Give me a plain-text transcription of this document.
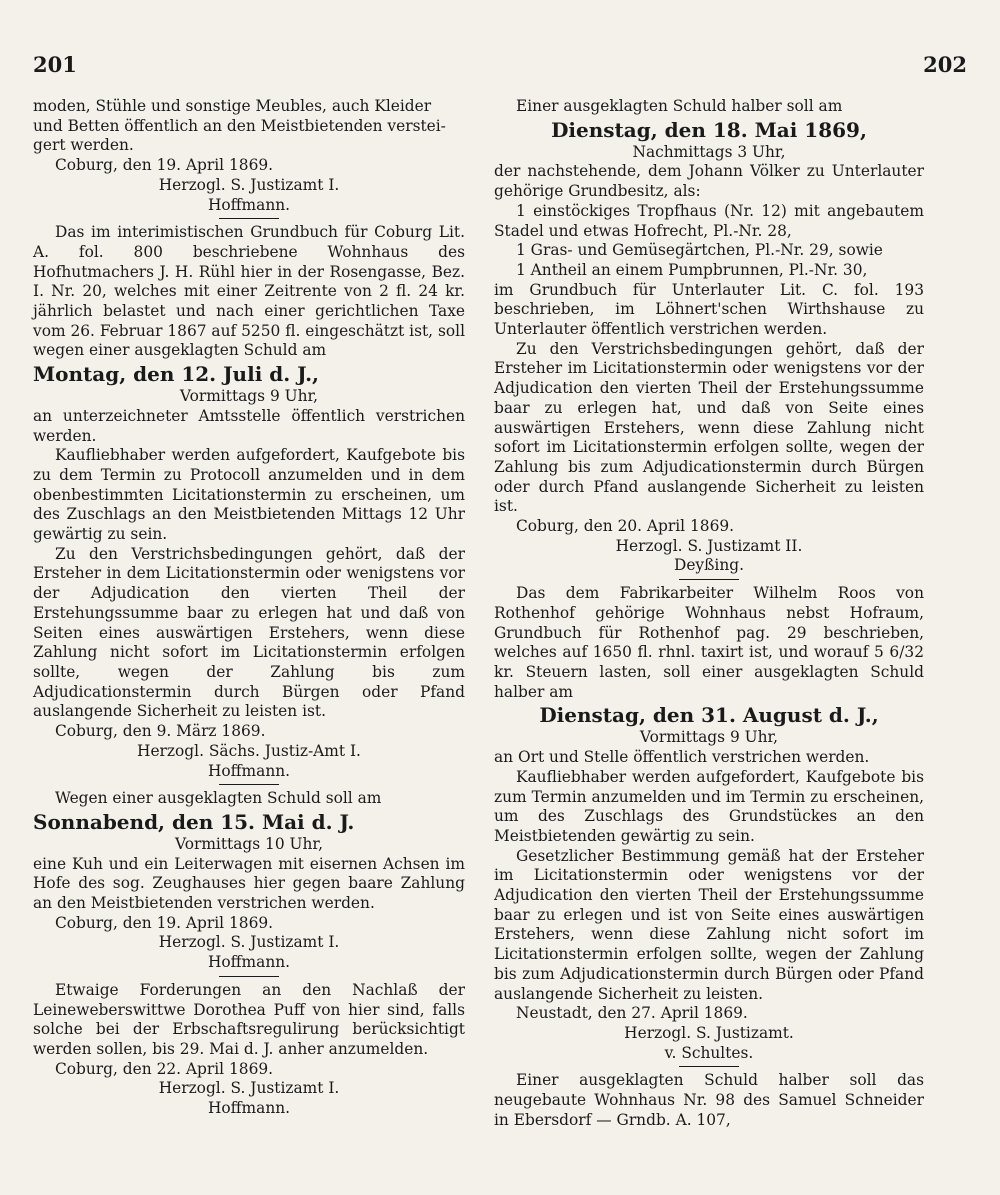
201	202

moden, Stühle und sonstige Meubles, auch Kleider

und Betten öffentlich an den Meistbietenden verstei-

gert werden.

Coburg, den 19. April 1869.

Herzogl. S. Justizamt I.

Hoffmann.

Das im interimistischen Grundbuch für Coburg Lit. A. fol. 800 beschriebene Wohnhaus des Hofhutmachers J. H. Rühl hier in der Rosengasse, Bez. I. Nr. 20, welches mit einer Zeitrente von 2 fl. 24 kr. jährlich belastet und nach einer gerichtlichen Taxe vom 26. Februar 1867 auf 5250 fl. eingeschätzt ist, soll wegen einer ausgeklagten Schuld am

Montag, den 12. Juli d. J.,

Vormittags 9 Uhr,

an unterzeichneter Amtsstelle öffentlich verstrichen werden.

Kaufliebhaber werden aufgefordert, Kaufgebote bis zu dem Termin zu Protocoll anzumelden und in dem obenbestimmten Licitationstermin zu erscheinen, um des Zuschlags an den Meistbietenden Mittags 12 Uhr gewärtig zu sein.

Zu den Verstrichsbedingungen gehört, daß der Ersteher in dem Licitationstermin oder wenigstens vor der Adjudication den vierten Theil der Erstehungssumme baar zu erlegen hat und daß von Seiten eines auswärtigen Erstehers, wenn diese Zahlung nicht sofort im Licitationstermin erfolgen sollte, wegen der Zahlung bis zum Adjudicationstermin durch Bürgen oder Pfand auslangende Sicherheit zu leisten ist.

Coburg, den 9. März 1869.

Herzogl. Sächs. Justiz-Amt I.

Hoffmann.

Wegen einer ausgeklagten Schuld soll am

Sonnabend, den 15. Mai d. J.

Vormittags 10 Uhr,

eine Kuh und ein Leiterwagen mit eisernen Achsen im Hofe des sog. Zeughauses hier gegen baare Zahlung an den Meistbietenden verstrichen werden.

Coburg, den 19. April 1869.

Herzogl. S. Justizamt I.

Hoffmann.

Etwaige Forderungen an den Nachlaß der Leineweberswittwe Dorothea Puff von hier sind, falls solche bei der Erbschaftsregulirung berücksichtigt werden sollen, bis 29. Mai d. J. anher anzumelden.

Coburg, den 22. April 1869.

Herzogl. S. Justizamt I.

Hoffmann.

Einer ausgeklagten Schuld halber soll am

Dienstag, den 18. Mai 1869,

Nachmittags 3 Uhr,

der nachstehende, dem Johann Völker zu Unterlauter gehörige Grundbesitz, als:

1 einstöckiges Tropfhaus (Nr. 12) mit angebautem Stadel und etwas Hofrecht, Pl.-Nr. 28,

1 Gras- und Gemüsegärtchen, Pl.-Nr. 29, sowie

1 Antheil an einem Pumpbrunnen, Pl.-Nr. 30,

im Grundbuch für Unterlauter Lit. C. fol. 193 beschrieben, im Löhnert'schen Wirthshause zu Unterlauter öffentlich verstrichen werden.

Zu den Verstrichsbedingungen gehört, daß der Ersteher im Licitationstermin oder wenigstens vor der Adjudication den vierten Theil der Erstehungssumme baar zu erlegen hat, und daß von Seite eines auswärtigen Erstehers, wenn diese Zahlung nicht sofort im Licitationstermin erfolgen sollte, wegen der Zahlung bis zum Adjudicationstermin durch Bürgen oder durch Pfand auslangende Sicherheit zu leisten ist.

Coburg, den 20. April 1869.

Herzogl. S. Justizamt II.

Deyßing.

Das dem Fabrikarbeiter Wilhelm Roos von Rothenhof gehörige Wohnhaus nebst Hofraum, Grundbuch für Rothenhof pag. 29 beschrieben, welches auf 1650 fl. rhnl. taxirt ist, und worauf 5 6/32 kr. Steuern lasten, soll einer ausgeklagten Schuld halber am

Dienstag, den 31. August d. J.,

Vormittags 9 Uhr,

an Ort und Stelle öffentlich verstrichen werden.

Kaufliebhaber werden aufgefordert, Kaufgebote bis zum Termin anzumelden und im Termin zu erscheinen, um des Zuschlags des Grundstückes an den Meistbietenden gewärtig zu sein.

Gesetzlicher Bestimmung gemäß hat der Ersteher im Licitationstermin oder wenigstens vor der Adjudication den vierten Theil der Erstehungssumme baar zu erlegen und ist von Seite eines auswärtigen Erstehers, wenn diese Zahlung nicht sofort im Licitationstermin erfolgen sollte, wegen der Zahlung bis zum Adjudicationstermin durch Bürgen oder Pfand auslangende Sicherheit zu leisten.

Neustadt, den 27. April 1869.

Herzogl. S. Justizamt.

v. Schultes.

Einer ausgeklagten Schuld halber soll das neugebaute Wohnhaus Nr. 98 des Samuel Schneider in Ebersdorf — Grndb. A. 107,
